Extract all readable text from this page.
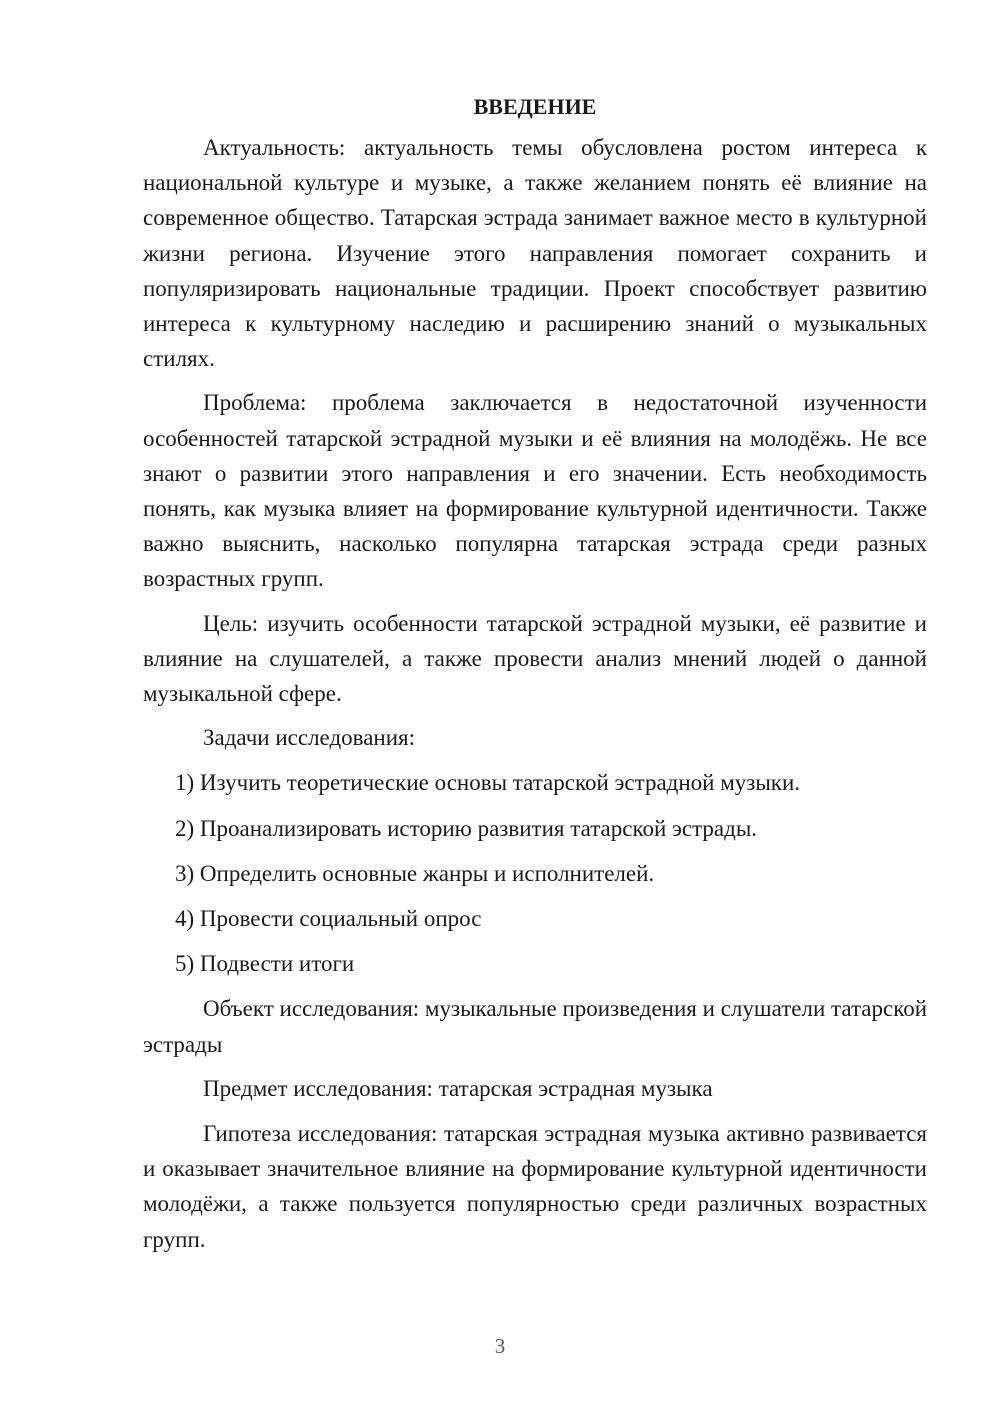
ВВЕДЕНИЕ

Актуальность: актуальность темы обусловлена ростом интереса к национальной культуре и музыке, а также желанием понять её влияние на современное общество. Татарская эстрада занимает важное место в культурной жизни региона. Изучение этого направления помогает сохранить и популяризировать национальные традиции. Проект способствует развитию интереса к культурному наследию и расширению знаний о музыкальных стилях.

Проблема: проблема заключается в недостаточной изученности особенностей татарской эстрадной музыки и её влияния на молодёжь. Не все знают о развитии этого направления и его значении. Есть необходимость понять, как музыка влияет на формирование культурной идентичности. Также важно выяснить, насколько популярна татарская эстрада среди разных возрастных групп.

Цель: изучить особенности татарской эстрадной музыки, её развитие и влияние на слушателей, а также провести анализ мнений людей о данной музыкальной сфере.

Задачи исследования:

1) Изучить теоретические основы татарской эстрадной музыки.
2) Проанализировать историю развития татарской эстрады.
3) Определить основные жанры и исполнителей.
4) Провести социальный опрос
5) Подвести итоги

Объект исследования: музыкальные произведения и слушатели татарской эстрады

Предмет исследования: татарская эстрадная музыка

Гипотеза исследования: татарская эстрадная музыка активно развивается и оказывает значительное влияние на формирование культурной идентичности молодёжи, а также пользуется популярностью среди различных возрастных групп.

3
